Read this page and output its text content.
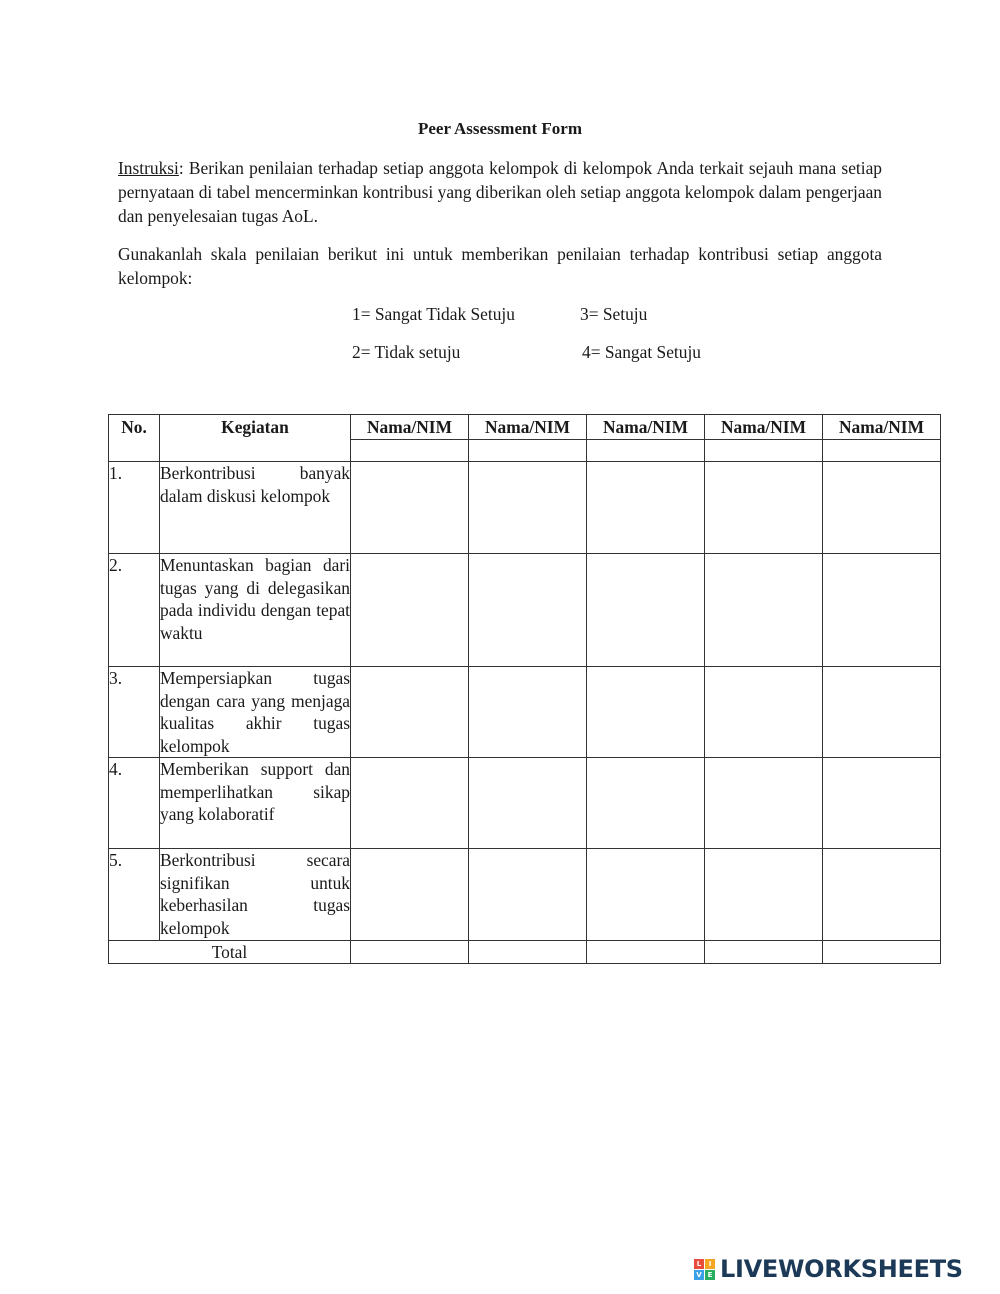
Peer Assessment Form
Instruksi: Berikan penilaian terhadap setiap anggota kelompok di kelompok Anda terkait sejauh mana setiap pernyataan di tabel mencerminkan kontribusi yang diberikan oleh setiap anggota kelompok dalam pengerjaan dan penyelesaian tugas AoL.
Gunakanlah skala penilaian berikut ini untuk memberikan penilaian terhadap kontribusi setiap anggota kelompok:
1= Sangat Tidak Setuju	3= Setuju
2= Tidak setuju	4= Sangat Setuju
No.	Kegiatan	Nama/NIM	Nama/NIM	Nama/NIM	Nama/NIM	Nama/NIM

1.	Berkontribusi banyak dalam diskusi kelompok					
2.	Menuntaskan bagian dari tugas yang di delegasikan pada individu dengan tepat waktu					
3.	Mempersiapkan tugas dengan cara yang menjaga kualitas akhir tugas kelompok					
4.	Memberikan support dan memperlihatkan sikap yang kolaboratif					
5.	Berkontribusi secara signifikan untuk keberhasilan tugas kelompok					
Total						
L	I
V E LIVEWORKSHEETS
